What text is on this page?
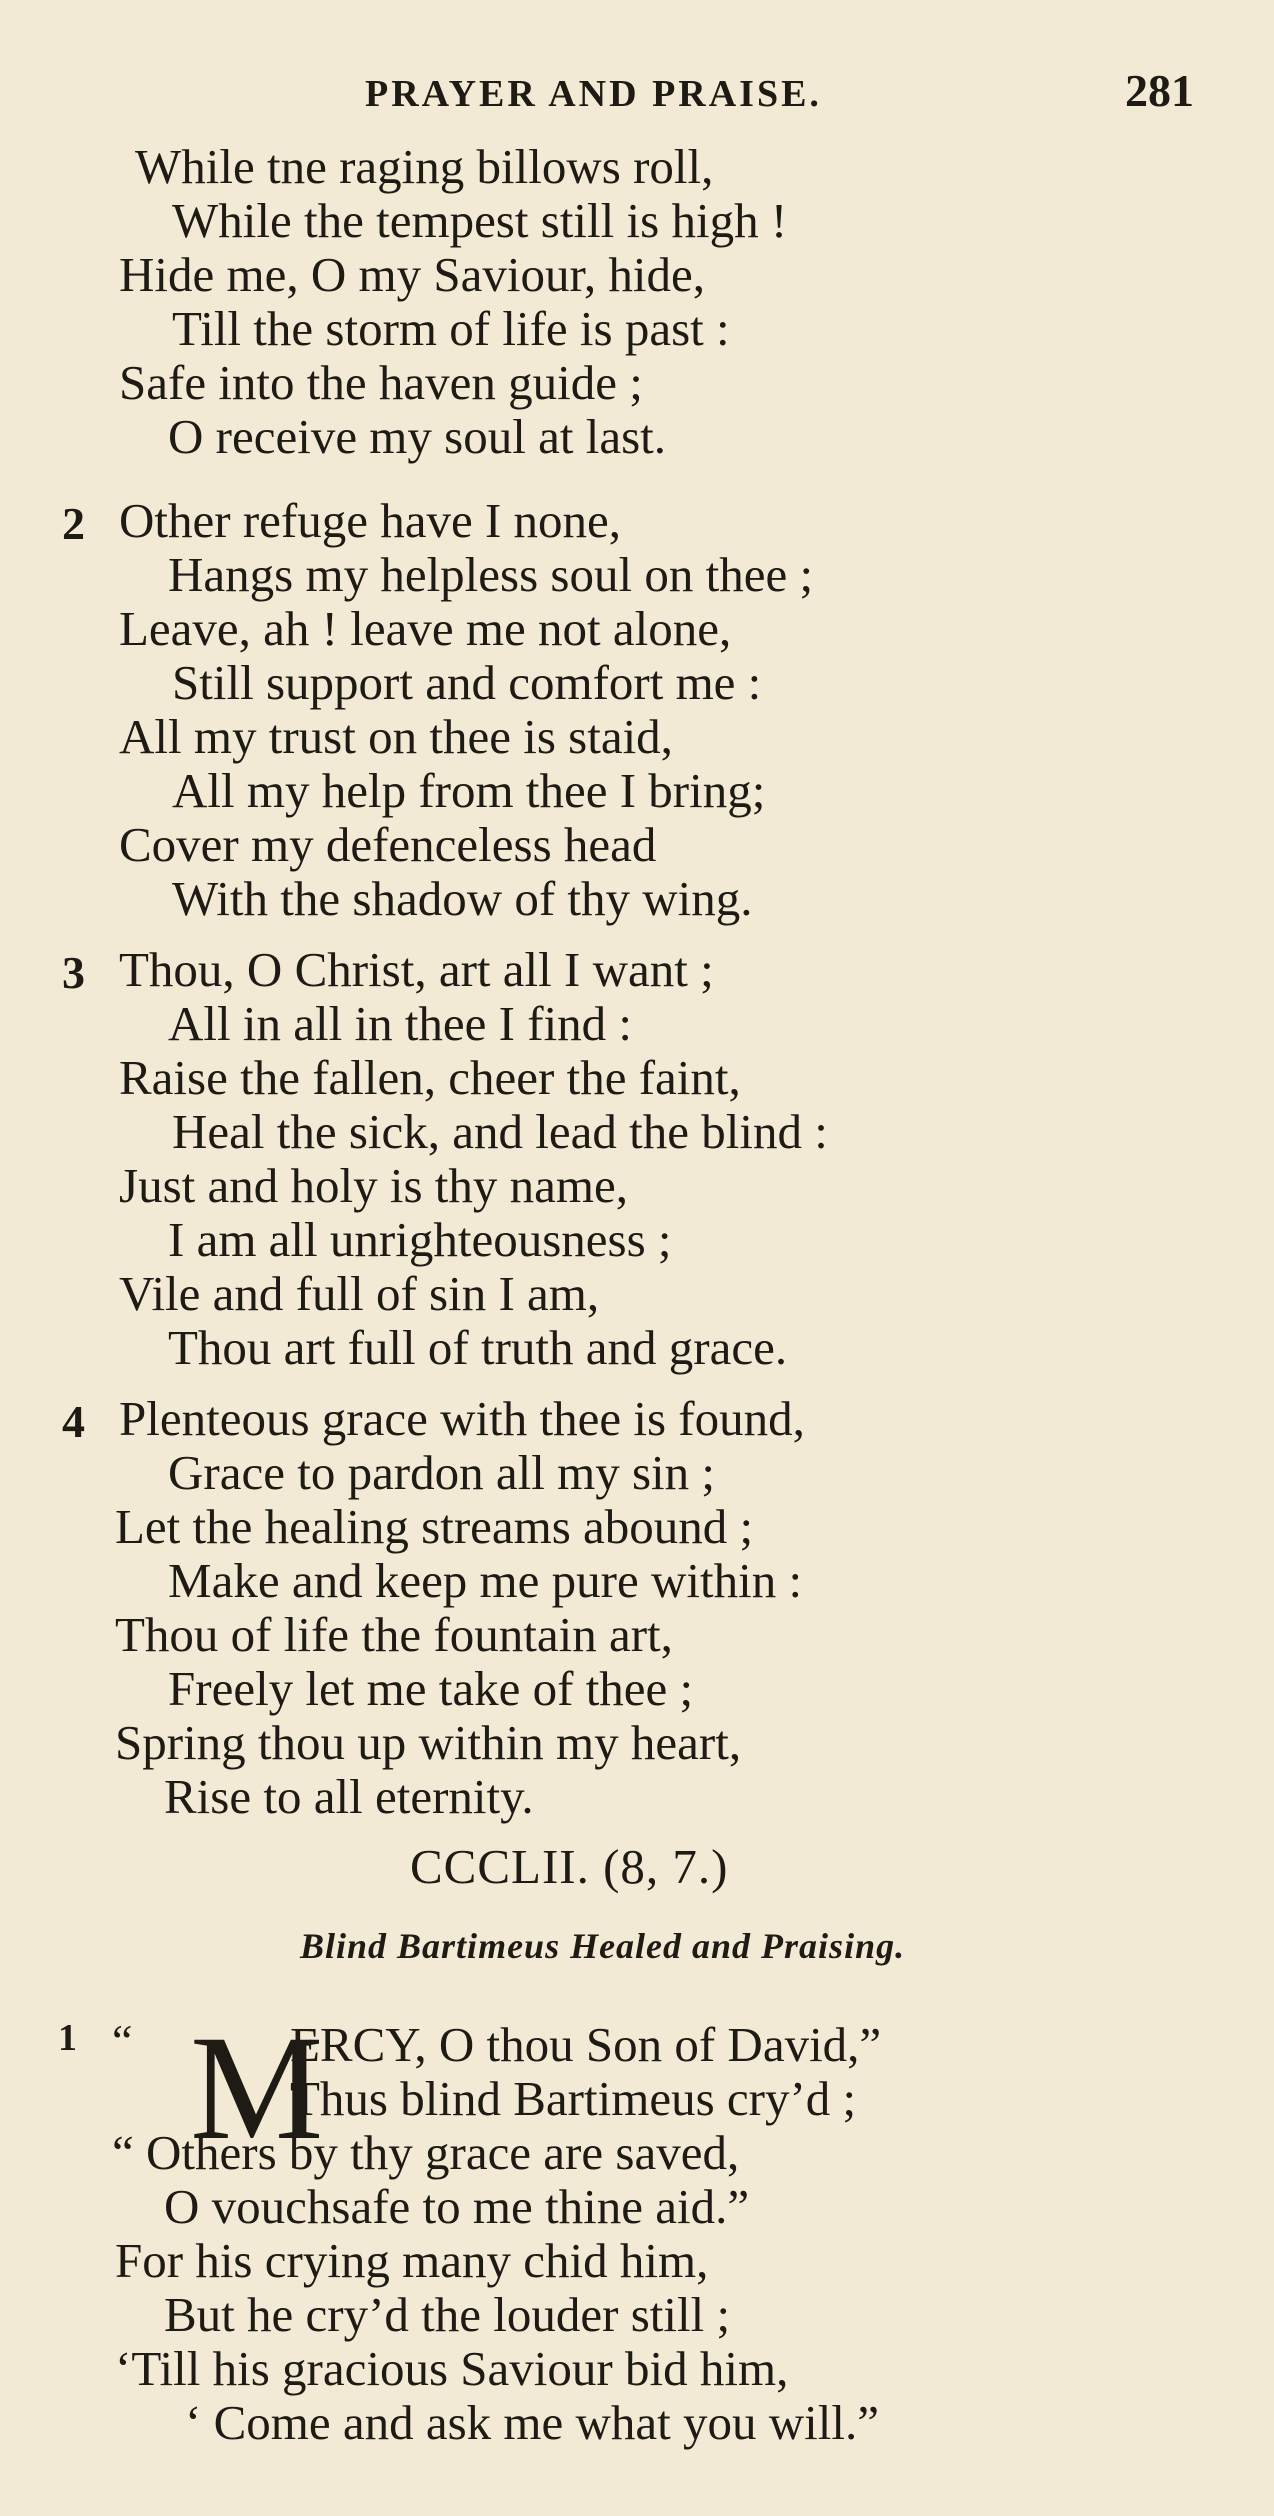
PRAYER AND PRAISE.	281
While tne raging billows roll,
While the tempest still is high !
Hide me, O my Saviour, hide,
Till the storm of life is past :
Safe into the haven guide ;
O receive my soul at last.
2 Other refuge have I none,
Hangs my helpless soul on thee ;
Leave, ah ! leave me not alone,
Still support and comfort me :
All my trust on thee is staid,
All my help from thee I bring;
Cover my defenceless head
With the shadow of thy wing.
3 Thou, O Christ, art all I want ;
All in all in thee I find :
Raise the fallen, cheer the faint,
Heal the sick, and lead the blind :
Just and holy is thy name,
I am all unrighteousness ;
Vile and full of sin I am,
Thou art full of truth and grace.
4 Plenteous grace with thee is found,
Grace to pardon all my sin ;
Let the healing streams abound ;
Make and keep me pure within :
Thou of life the fountain art,
Freely let me take of thee ;
Spring thou up within my heart,
Rise to all eternity.
CCCLII. (8, 7.)
Blind Bartimeus Healed and Praising.
1 “ M
ERCY, O thou Son of David,”
Thus blind Bartimeus cry’d ;
“ Others by thy grace are saved,
O vouchsafe to me thine aid.”
For his crying many chid him,
But he cry’d the louder still ;
‘Till his gracious Saviour bid him,
‘ Come and ask me what you will.”
